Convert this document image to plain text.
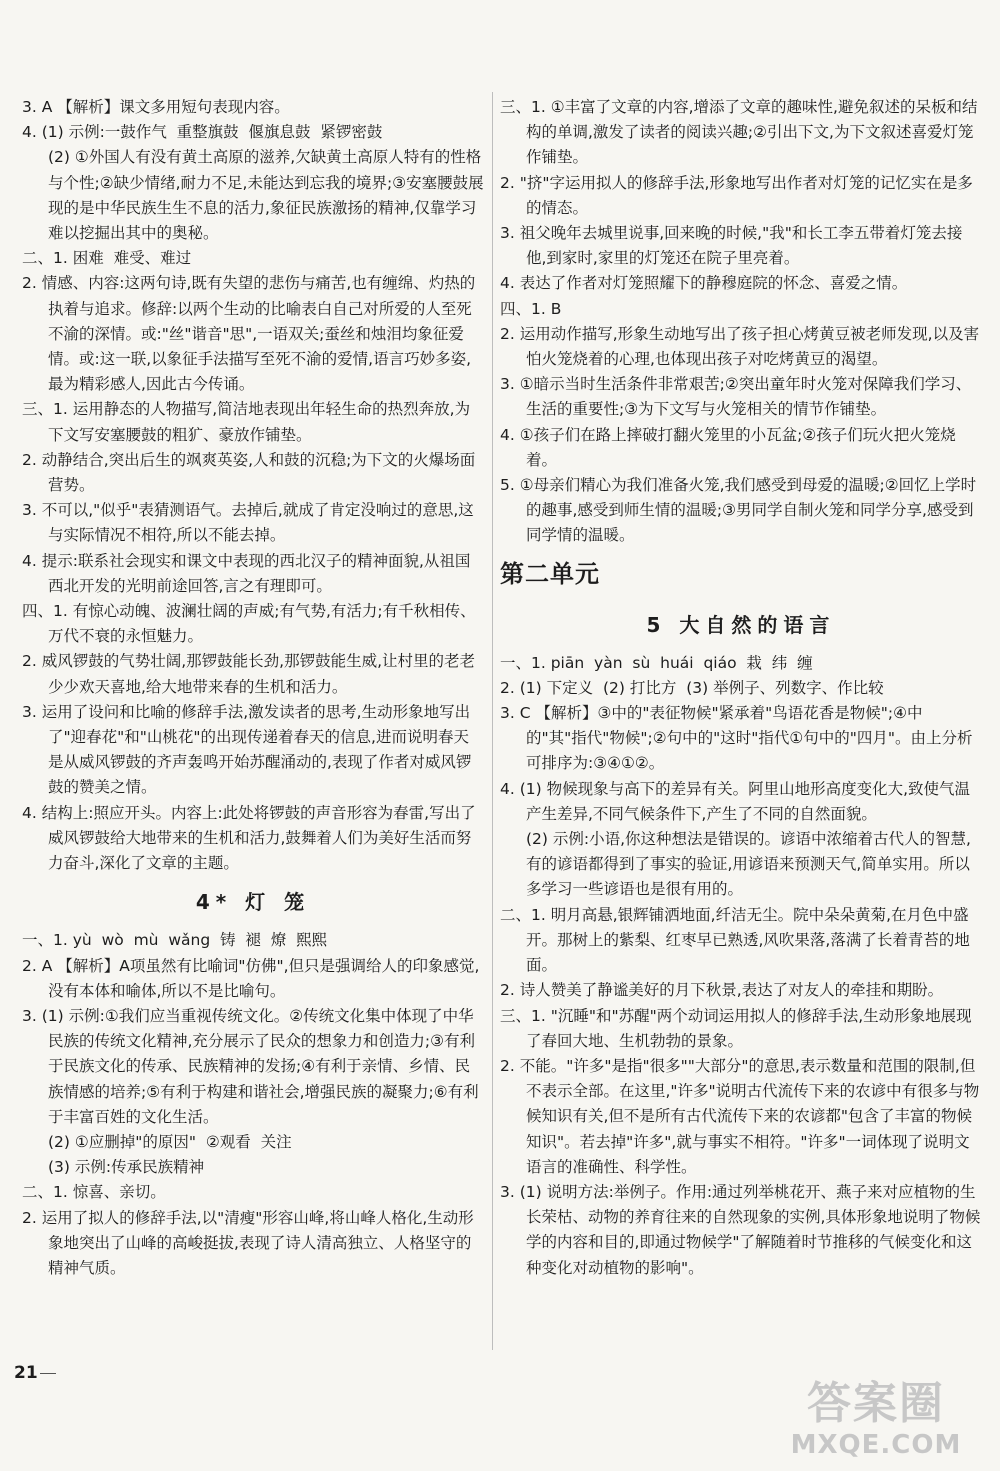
3. A 【解析】课文多用短句表现内容。
4. (1) 示例:一鼓作气  重整旗鼓  偃旗息鼓  紧锣密鼓
(2) ①外国人有没有黄土高原的滋养,欠缺黄土高原人特有的性格与个性;②缺少情绪,耐力不足,未能达到忘我的境界;③安塞腰鼓展现的是中华民族生生不息的活力,象征民族激扬的精神,仅靠学习难以挖掘出其中的奥秘。
二、1. 困难  难受、难过
2. 情感、内容:这两句诗,既有失望的悲伤与痛苦,也有缠绵、灼热的执着与追求。修辞:以两个生动的比喻表白自己对所爱的人至死不渝的深情。或:"丝"谐音"思",一语双关;蚕丝和烛泪均象征爱情。或:这一联,以象征手法描写至死不渝的爱情,语言巧妙多姿,最为精彩感人,因此古今传诵。
三、1. 运用静态的人物描写,简洁地表现出年轻生命的热烈奔放,为下文写安塞腰鼓的粗犷、豪放作铺垫。
2. 动静结合,突出后生的飒爽英姿,人和鼓的沉稳;为下文的火爆场面营势。
3. 不可以,"似乎"表猜测语气。去掉后,就成了肯定没响过的意思,这与实际情况不相符,所以不能去掉。
4. 提示:联系社会现实和课文中表现的西北汉子的精神面貌,从祖国西北开发的光明前途回答,言之有理即可。
四、1. 有惊心动魄、波澜壮阔的声威;有气势,有活力;有千秋相传、万代不衰的永恒魅力。
2. 威风锣鼓的气势壮阔,那锣鼓能长劲,那锣鼓能生威,让村里的老老少少欢天喜地,给大地带来春的生机和活力。
3. 运用了设问和比喻的修辞手法,激发读者的思考,生动形象地写出了"迎春花"和"山桃花"的出现传递着春天的信息,进而说明春天是从威风锣鼓的齐声轰鸣开始苏醒涌动的,表现了作者对威风锣鼓的赞美之情。
4. 结构上:照应开头。内容上:此处将锣鼓的声音形容为春雷,写出了威风锣鼓给大地带来的生机和活力,鼓舞着人们为美好生活而努力奋斗,深化了文章的主题。
4* 灯 笼
一、1. yù  wò  mù  wǎng  铸  褪  燎  熙熙
2. A 【解析】A项虽然有比喻词"仿佛",但只是强调给人的印象感觉,没有本体和喻体,所以不是比喻句。
3. (1) 示例:①我们应当重视传统文化。②传统文化集中体现了中华民族的传统文化精神,充分展示了民众的想象力和创造力;③有利于民族文化的传承、民族精神的发扬;④有利于亲情、乡情、民族情感的培养;⑤有利于构建和谐社会,增强民族的凝聚力;⑥有利于丰富百姓的文化生活。
(2) ①应删掉"的原因"  ②观看  关注
(3) 示例:传承民族精神
二、1. 惊喜、亲切。
2. 运用了拟人的修辞手法,以"清瘦"形容山峰,将山峰人格化,生动形象地突出了山峰的高峻挺拔,表现了诗人清高独立、人格坚守的精神气质。
三、1. ①丰富了文章的内容,增添了文章的趣味性,避免叙述的呆板和结构的单调,激发了读者的阅读兴趣;②引出下文,为下文叙述喜爱灯笼作铺垫。
2. "挤"字运用拟人的修辞手法,形象地写出作者对灯笼的记忆实在是多的情态。
3. 祖父晚年去城里说事,回来晚的时候,"我"和长工李五带着灯笼去接他,到家时,家里的灯笼还在院子里亮着。
4. 表达了作者对灯笼照耀下的静穆庭院的怀念、喜爱之情。
四、1. B
2. 运用动作描写,形象生动地写出了孩子担心烤黄豆被老师发现,以及害怕火笼烧着的心理,也体现出孩子对吃烤黄豆的渴望。
3. ①暗示当时生活条件非常艰苦;②突出童年时火笼对保障我们学习、生活的重要性;③为下文写与火笼相关的情节作铺垫。
4. ①孩子们在路上摔破打翻火笼里的小瓦盆;②孩子们玩火把火笼烧着。
5. ①母亲们精心为我们准备火笼,我们感受到母爱的温暖;②回忆上学时的趣事,感受到师生情的温暖;③男同学自制火笼和同学分享,感受到同学情的温暖。
第二单元
5 大自然的语言
一、1. piān  yàn  sù  huái  qiáo  栽  纬  缠
2. (1) 下定义  (2) 打比方  (3) 举例子、列数字、作比较
3. C 【解析】③中的"表征物候"紧承着"鸟语花香是物候";④中的"其"指代"物候";②句中的"这时"指代①句中的"四月"。由上分析可排序为:③④①②。
4. (1) 物候现象与高下的差异有关。阿里山地形高度变化大,致使气温产生差异,不同气候条件下,产生了不同的自然面貌。
(2) 示例:小语,你这种想法是错误的。谚语中浓缩着古代人的智慧,有的谚语都得到了事实的验证,用谚语来预测天气,简单实用。所以多学习一些谚语也是很有用的。
二、1. 明月高悬,银辉铺洒地面,纤洁无尘。院中朵朵黄菊,在月色中盛开。那树上的紫梨、红枣早已熟透,风吹果落,落满了长着青苔的地面。
2. 诗人赞美了静谧美好的月下秋景,表达了对友人的牵挂和期盼。
三、1. "沉睡"和"苏醒"两个动词运用拟人的修辞手法,生动形象地展现了春回大地、生机勃勃的景象。
2. 不能。"许多"是指"很多""大部分"的意思,表示数量和范围的限制,但不表示全部。在这里,"许多"说明古代流传下来的农谚中有很多与物候知识有关,但不是所有古代流传下来的农谚都"包含了丰富的物候知识"。若去掉"许多",就与事实不相符。"许多"一词体现了说明文语言的准确性、科学性。
3. (1) 说明方法:举例子。作用:通过列举桃花开、燕子来对应植物的生长荣枯、动物的养育往来的自然现象的实例,具体形象地说明了物候学的内容和目的,即通过物候学"了解随着时节推移的气候变化和这种变化对动植物的影响"。
21
答案圈
MXQE.COM
